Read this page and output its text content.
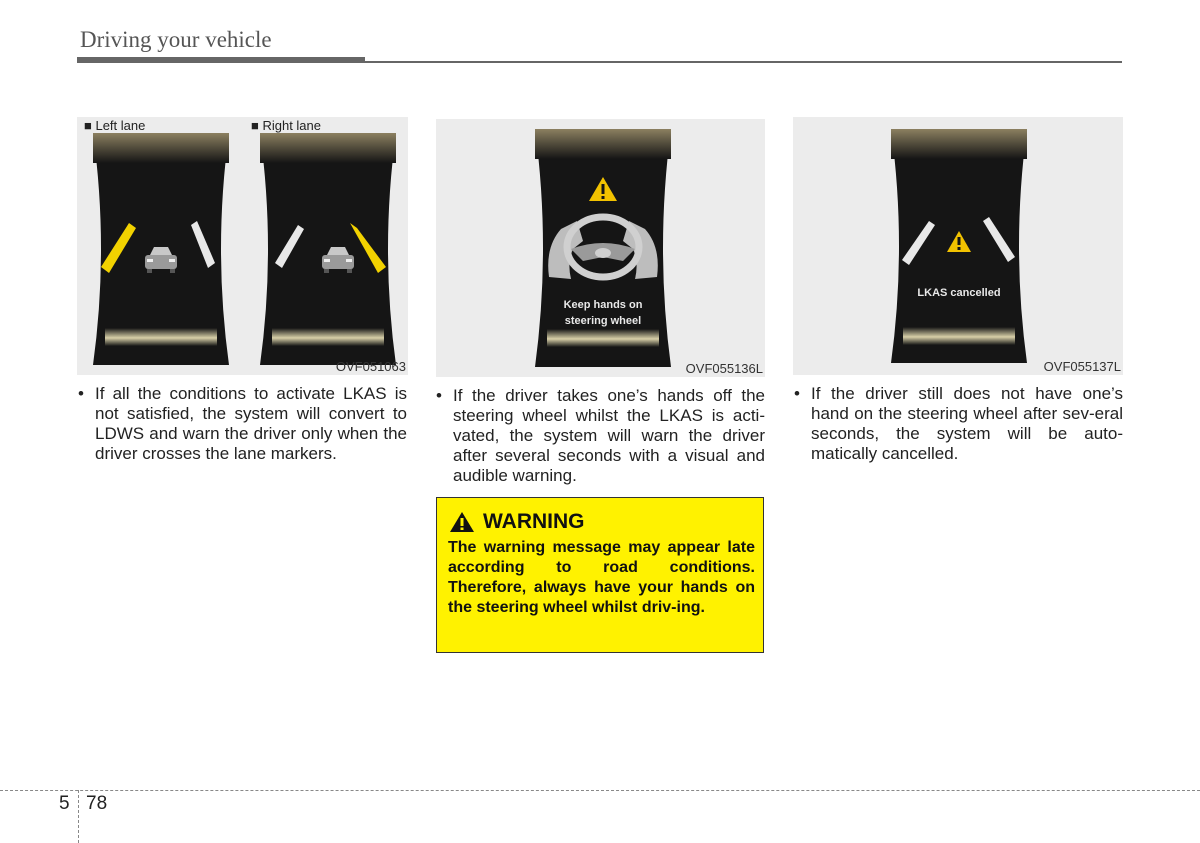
Driving your vehicle
■ Left lane	■ Right lane
OVF051063
Keep hands on
steering wheel
OVF055136L
LKAS cancelled
OVF055137L
• If all the conditions to activate LKAS is not satisfied, the system will convert to LDWS and warn the driver only when the driver crosses the lane markers.
• If the driver takes one’s hands off the steering wheel whilst the LKAS is acti-vated, the system will warn the driver after several seconds with a visual and audible warning.
• If the driver still does not have one’s hand on the steering wheel after sev-eral seconds, the system will be auto-matically cancelled.
WARNING
The warning message may appear late according to road conditions. Therefore, always have your hands on the steering wheel whilst driv-ing.
5 78
